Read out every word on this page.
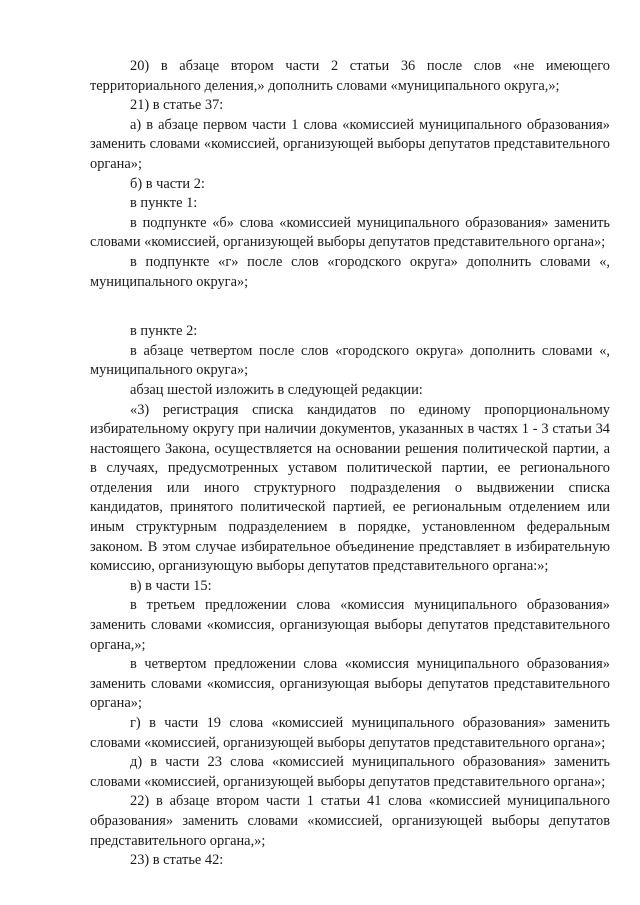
20) в абзаце втором части 2 статьи 36 после слов «не имеющего территориального деления,» дополнить словами «муниципального округа,»;

21) в статье 37:

а) в абзаце первом части 1 слова «комиссией муниципального образования» заменить словами «комиссией, организующей выборы депутатов представительного органа»;

б) в части 2:

в пункте 1:

в подпункте «б» слова «комиссией муниципального образования» заменить словами «комиссией, организующей выборы депутатов представительного органа»;

в подпункте «г» после слов «городского округа» дополнить словами «, муниципального округа»;

в пункте 2:

в абзаце четвертом после слов «городского округа» дополнить словами «, муниципального округа»;

абзац шестой изложить в следующей редакции:

«3) регистрация списка кандидатов по единому пропорциональному избирательному округу при наличии документов, указанных в частях 1 - 3 статьи 34 настоящего Закона, осуществляется на основании решения политической партии, а в случаях, предусмотренных уставом политической партии, ее регионального отделения или иного структурного подразделения о выдвижении списка кандидатов, принятого политической партией, ее региональным отделением или иным структурным подразделением в порядке, установленном федеральным законом. В этом случае избирательное объединение представляет в избирательную комиссию, организующую выборы депутатов представительного органа:»;

в) в части 15:

в третьем предложении слова «комиссия муниципального образования» заменить словами «комиссия, организующая выборы депутатов представительного органа,»;

в четвертом предложении слова «комиссия муниципального образования» заменить словами «комиссия, организующая выборы депутатов представительного органа»;

г) в части 19 слова «комиссией муниципального образования» заменить словами «комиссией, организующей выборы депутатов представительного органа»;

д) в части 23 слова «комиссией муниципального образования» заменить словами «комиссией, организующей выборы депутатов представительного органа»;

22) в абзаце втором части 1 статьи 41 слова «комиссией муниципального образования» заменить словами «комиссией, организующей выборы депутатов представительного органа,»;

23) в статье 42:
